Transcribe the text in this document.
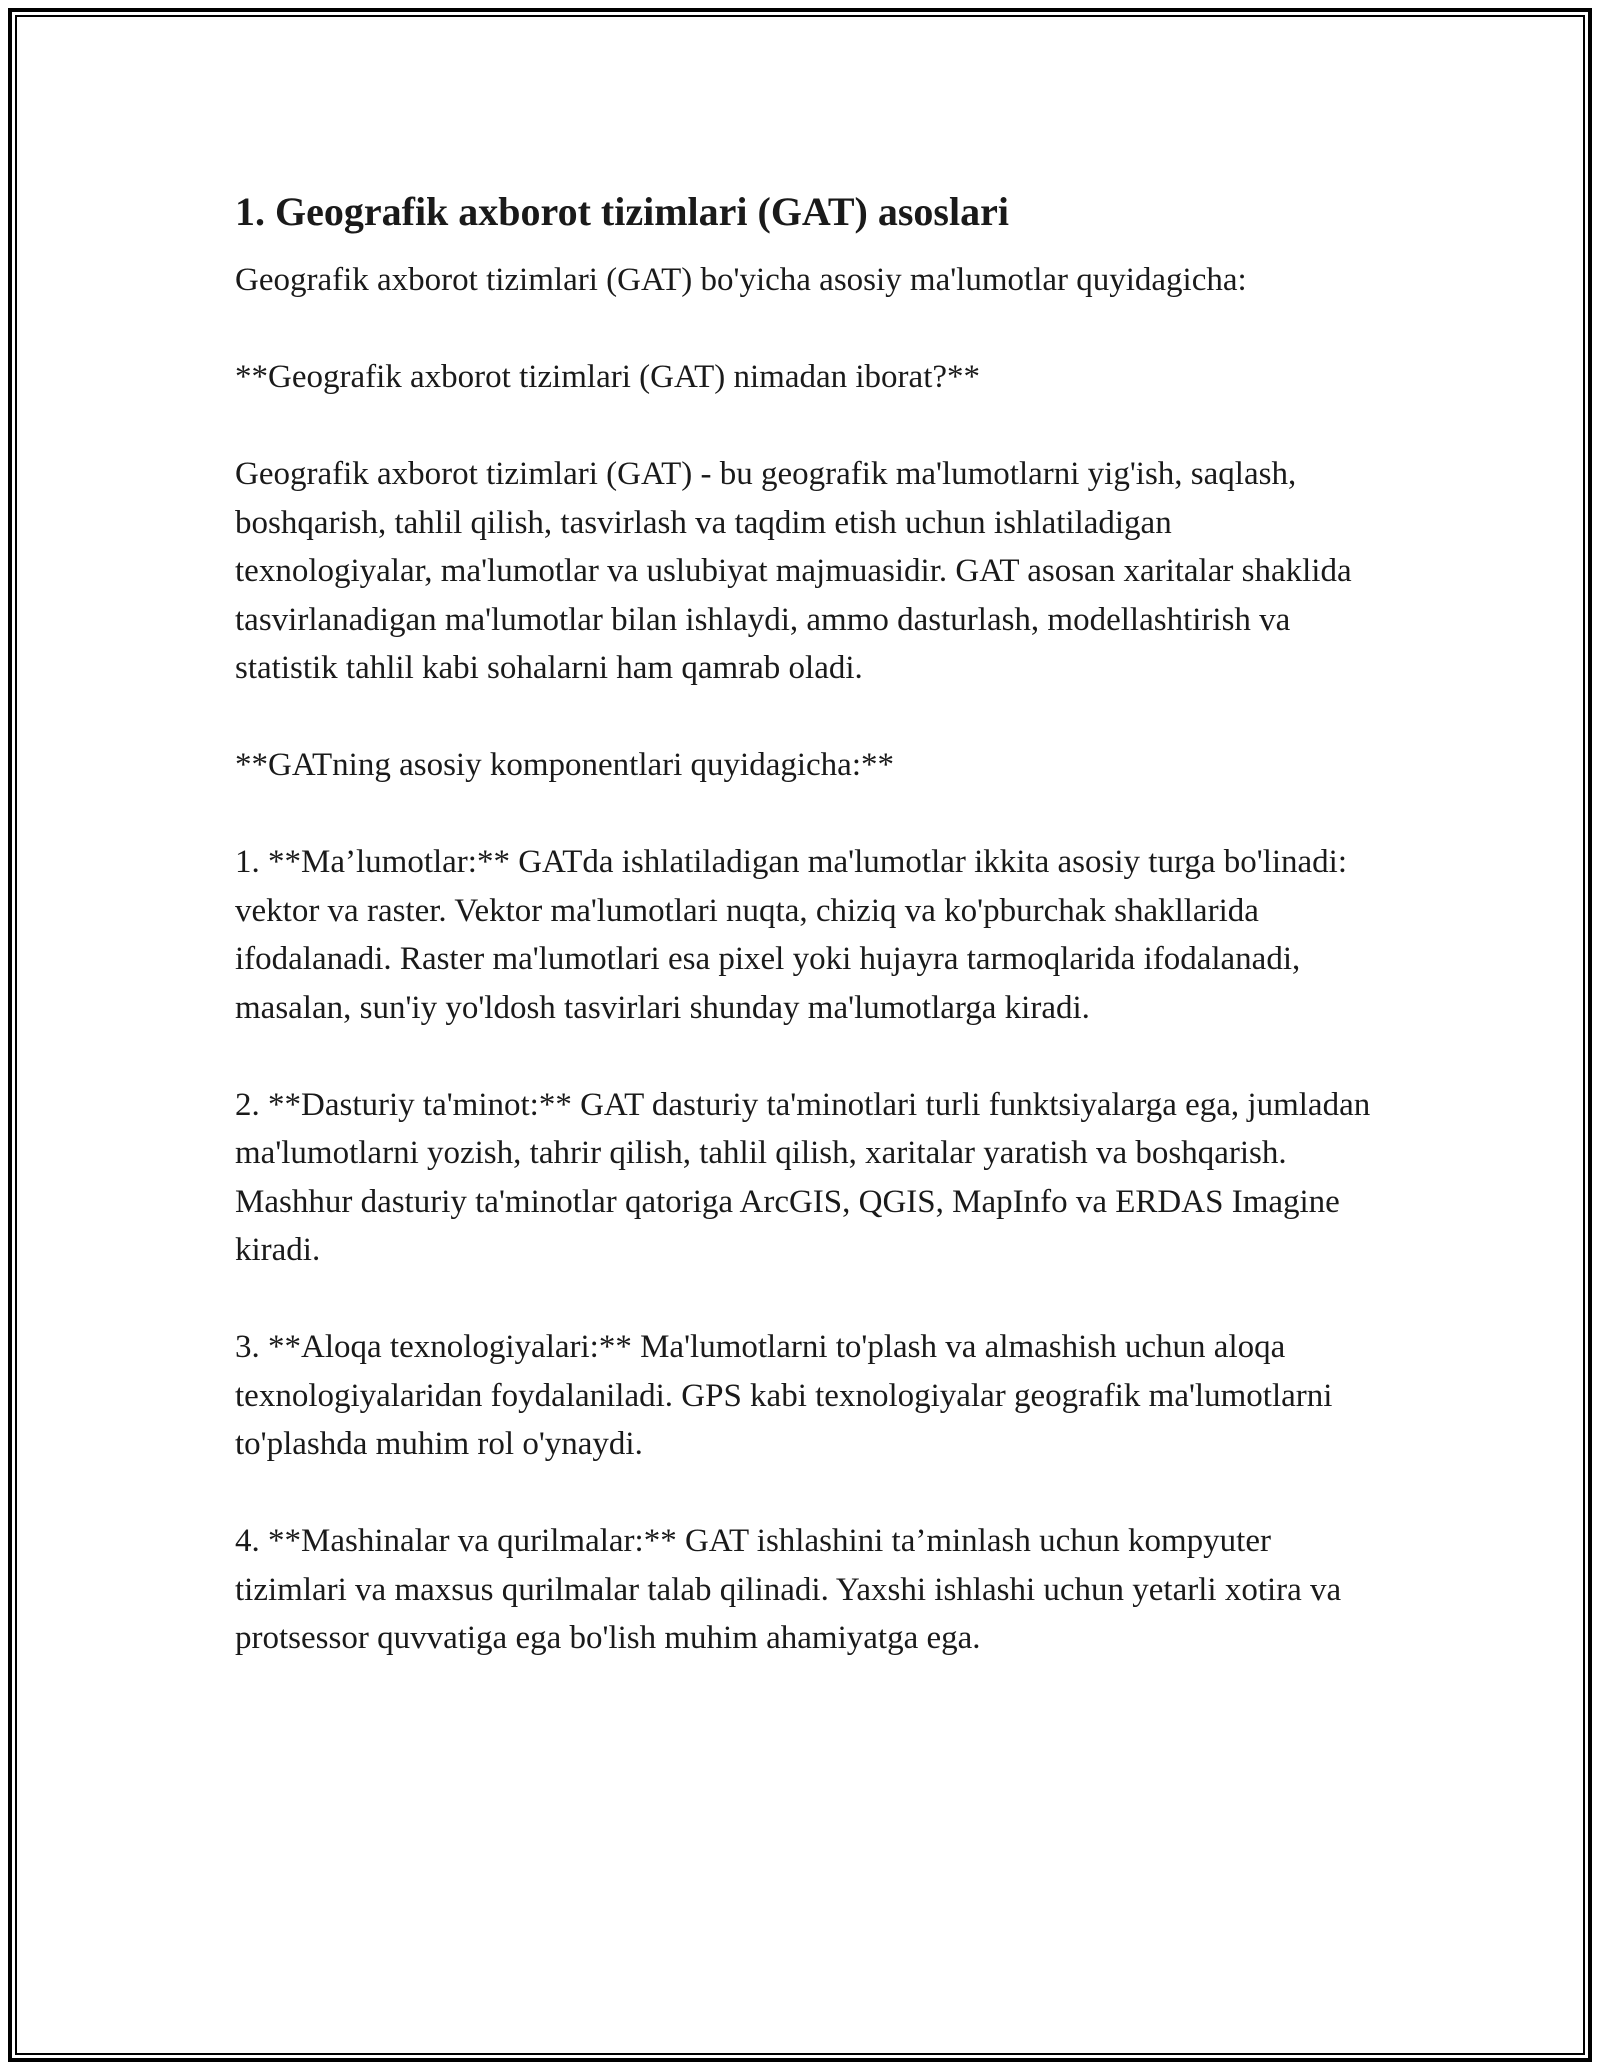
1. Geografik axborot tizimlari (GAT) asoslari

Geografik axborot tizimlari (GAT) bo'yicha asosiy ma'lumotlar quyidagicha:

**Geografik axborot tizimlari (GAT) nimadan iborat?**

Geografik axborot tizimlari (GAT) - bu geografik ma'lumotlarni yig'ish, saqlash, boshqarish, tahlil qilish, tasvirlash va taqdim etish uchun ishlatiladigan texnologiyalar, ma'lumotlar va uslubiyat majmuasidir. GAT asosan xaritalar shaklida tasvirlanadigan ma'lumotlar bilan ishlaydi, ammo dasturlash, modellashtirish va statistik tahlil kabi sohalarni ham qamrab oladi.

**GATning asosiy komponentlari quyidagicha:**

1. **Ma’lumotlar:** GATda ishlatiladigan ma'lumotlar ikkita asosiy turga bo'linadi: vektor va raster. Vektor ma'lumotlari nuqta, chiziq va ko'pburchak shakllarida ifodalanadi. Raster ma'lumotlari esa pixel yoki hujayra tarmoqlarida ifodalanadi, masalan, sun'iy yo'ldosh tasvirlari shunday ma'lumotlarga kiradi.

2. **Dasturiy ta'minot:** GAT dasturiy ta'minotlari turli funktsiyalarga ega, jumladan ma'lumotlarni yozish, tahrir qilish, tahlil qilish, xaritalar yaratish va boshqarish. Mashhur dasturiy ta'minotlar qatoriga ArcGIS, QGIS, MapInfo va ERDAS Imagine kiradi.

3. **Aloqa texnologiyalari:** Ma'lumotlarni to'plash va almashish uchun aloqa texnologiyalaridan foydalaniladi. GPS kabi texnologiyalar geografik ma'lumotlarni to'plashda muhim rol o'ynaydi.

4. **Mashinalar va qurilmalar:** GAT ishlashini ta’minlash uchun kompyuter tizimlari va maxsus qurilmalar talab qilinadi. Yaxshi ishlashi uchun yetarli xotira va protsessor quvvatiga ega bo'lish muhim ahamiyatga ega.
